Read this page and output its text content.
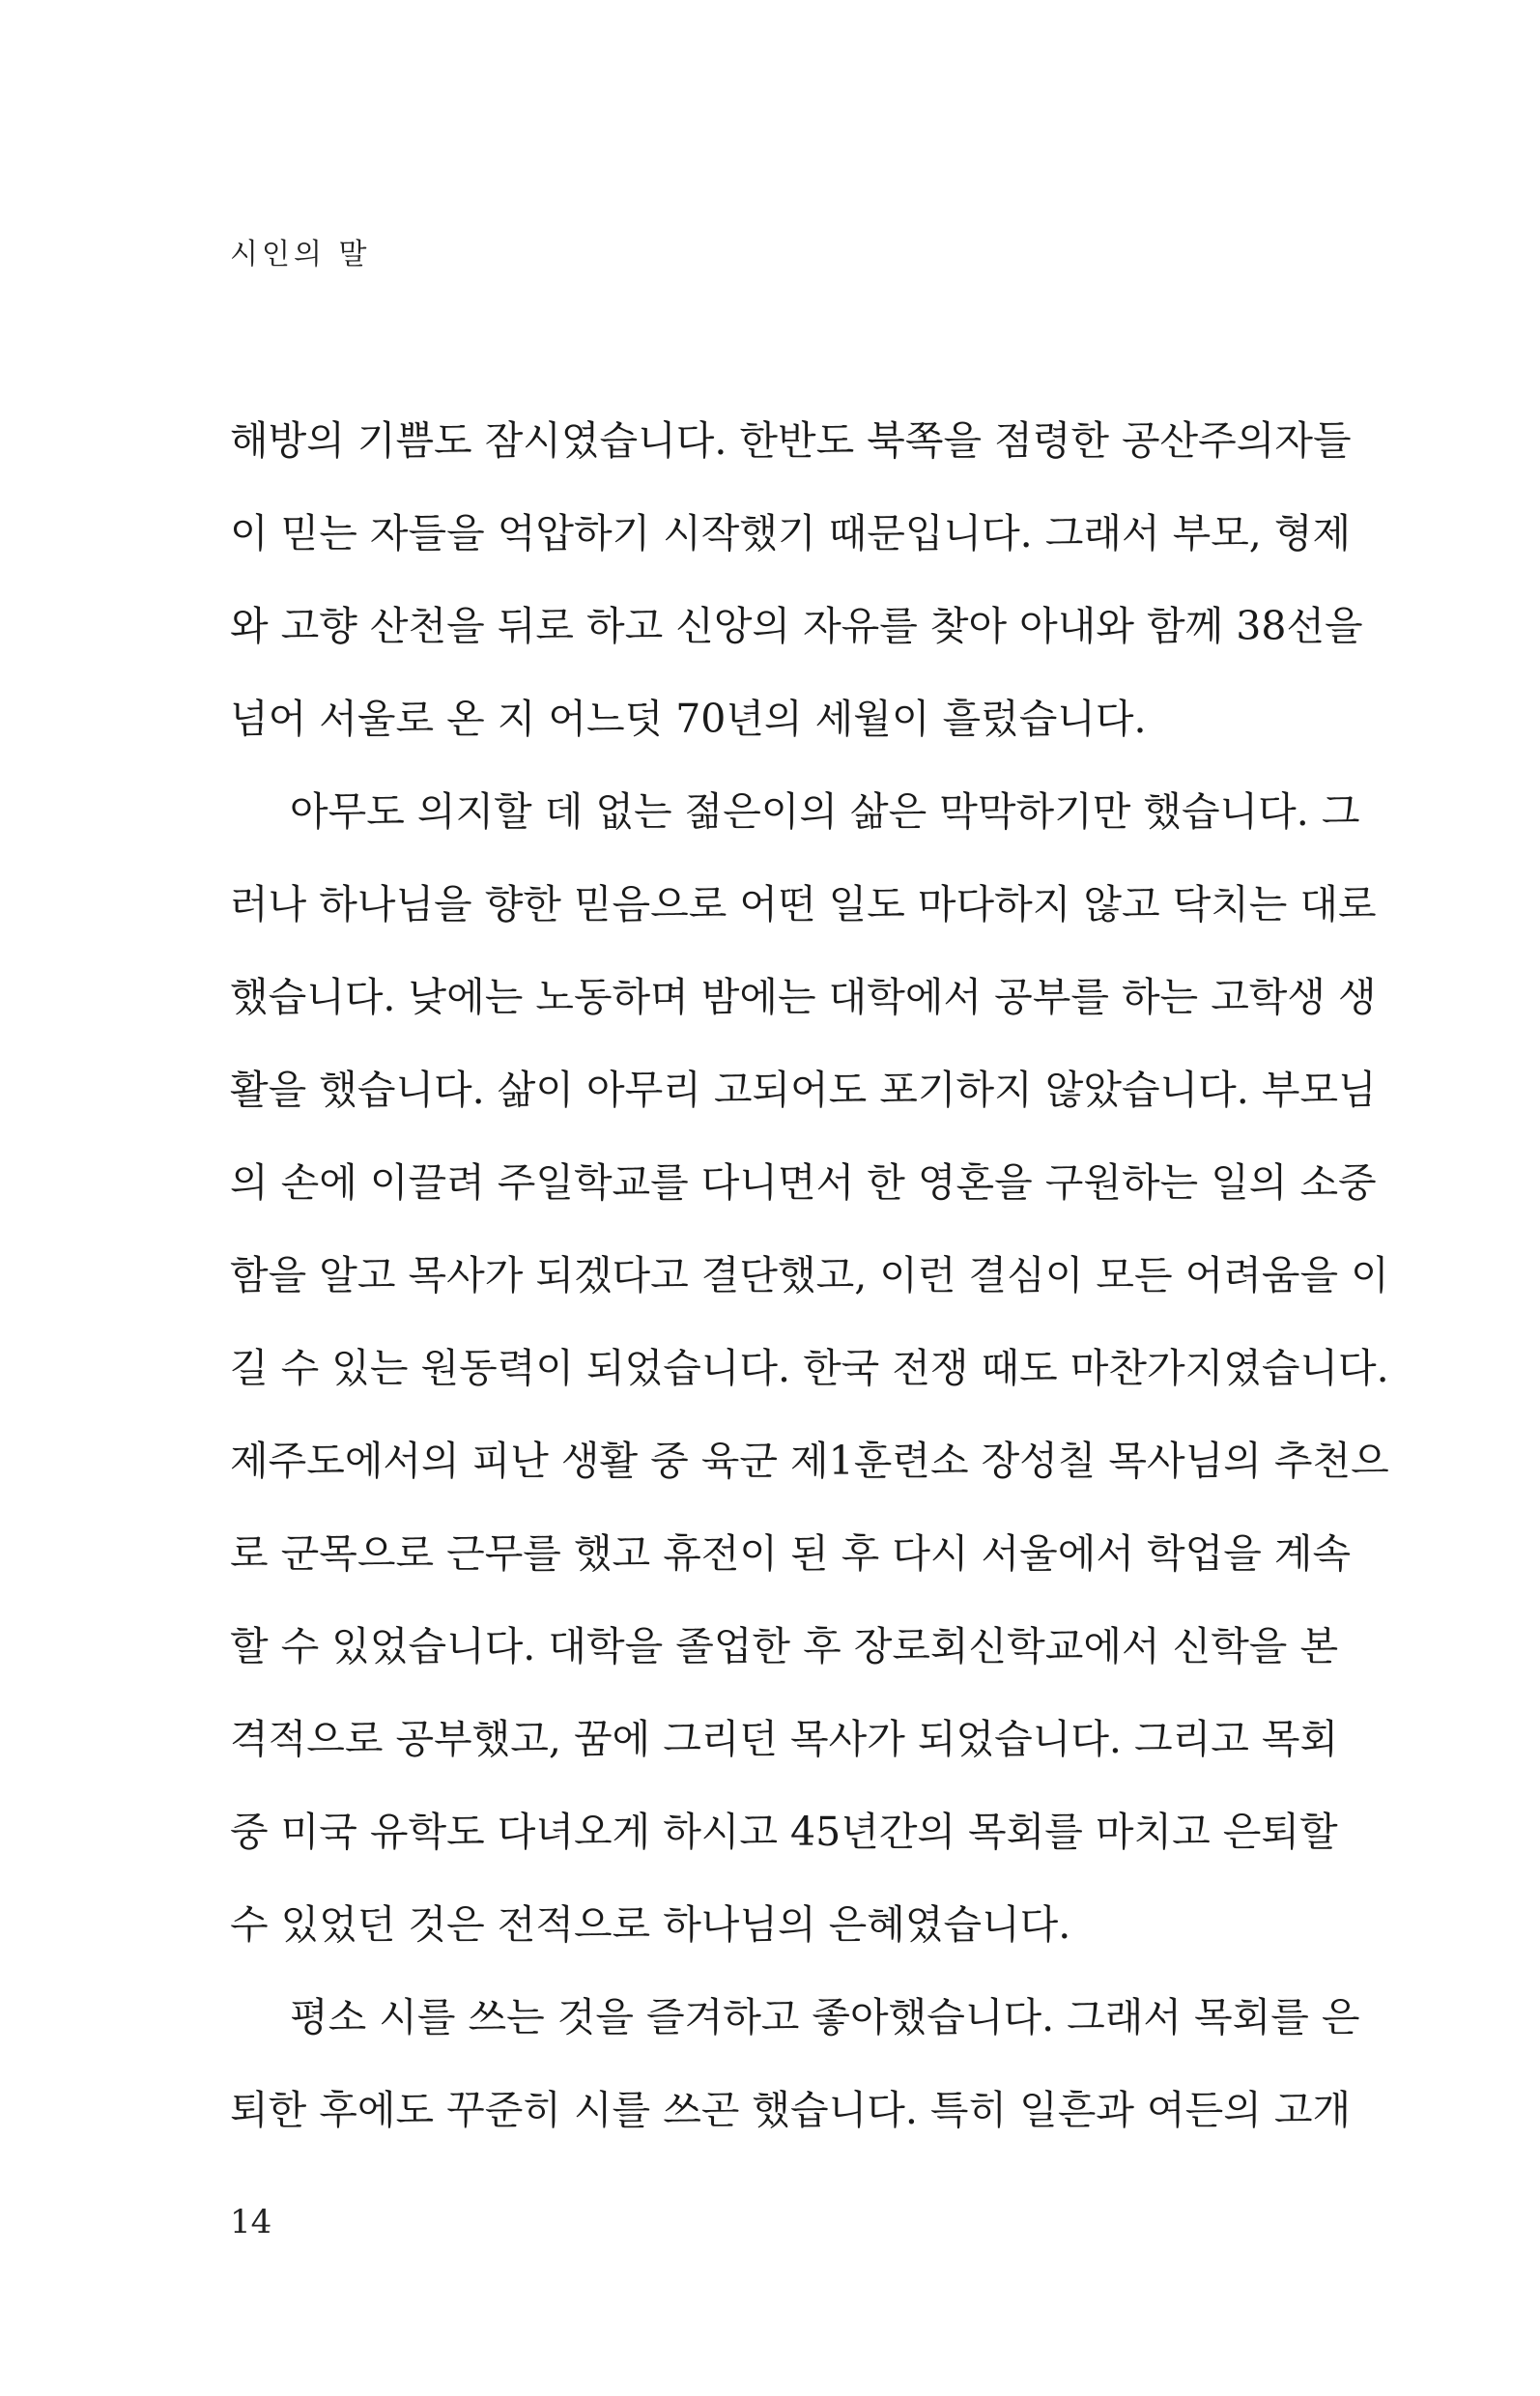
시인의 말
해방의 기쁨도 잠시였습니다. 한반도 북쪽을 점령한 공산주의자들
이 믿는 자들을 억압하기 시작했기 때문입니다. 그래서 부모, 형제
와 고향 산천을 뒤로 하고 신앙의 자유를 찾아 아내와 함께 38선을
넘어 서울로 온 지 어느덧 70년의 세월이 흘렀습니다.
아무도 의지할 데 없는 젊은이의 삶은 막막하기만 했습니다. 그
러나 하나님을 향한 믿음으로 어떤 일도 마다하지 않고 닥치는 대로
했습니다. 낮에는 노동하며 밤에는 대학에서 공부를 하는 고학생 생
활을 했습니다. 삶이 아무리 고되어도 포기하지 않았습니다. 부모님
의 손에 이끌려 주일학교를 다니면서 한 영혼을 구원하는 일의 소중
함을 알고 목사가 되겠다고 결단했고, 이런 결심이 모든 어려움을 이
길 수 있는 원동력이 되었습니다. 한국 전쟁 때도 마찬가지였습니다.
제주도에서의 피난 생활 중 육군 제1훈련소 장성칠 목사님의 추천으
로 군목으로 근무를 했고 휴전이 된 후 다시 서울에서 학업을 계속
할 수 있었습니다. 대학을 졸업한 후 장로회신학교에서 신학을 본
격적으로 공부했고, 꿈에 그리던 목사가 되었습니다. 그리고 목회
중 미국 유학도 다녀오게 하시고 45년간의 목회를 마치고 은퇴할
수 있었던 것은 전적으로 하나님의 은혜였습니다.
평소 시를 쓰는 것을 즐겨하고 좋아했습니다. 그래서 목회를 은
퇴한 후에도 꾸준히 시를 쓰곤 했습니다. 특히 일흔과 여든의 고개

14
